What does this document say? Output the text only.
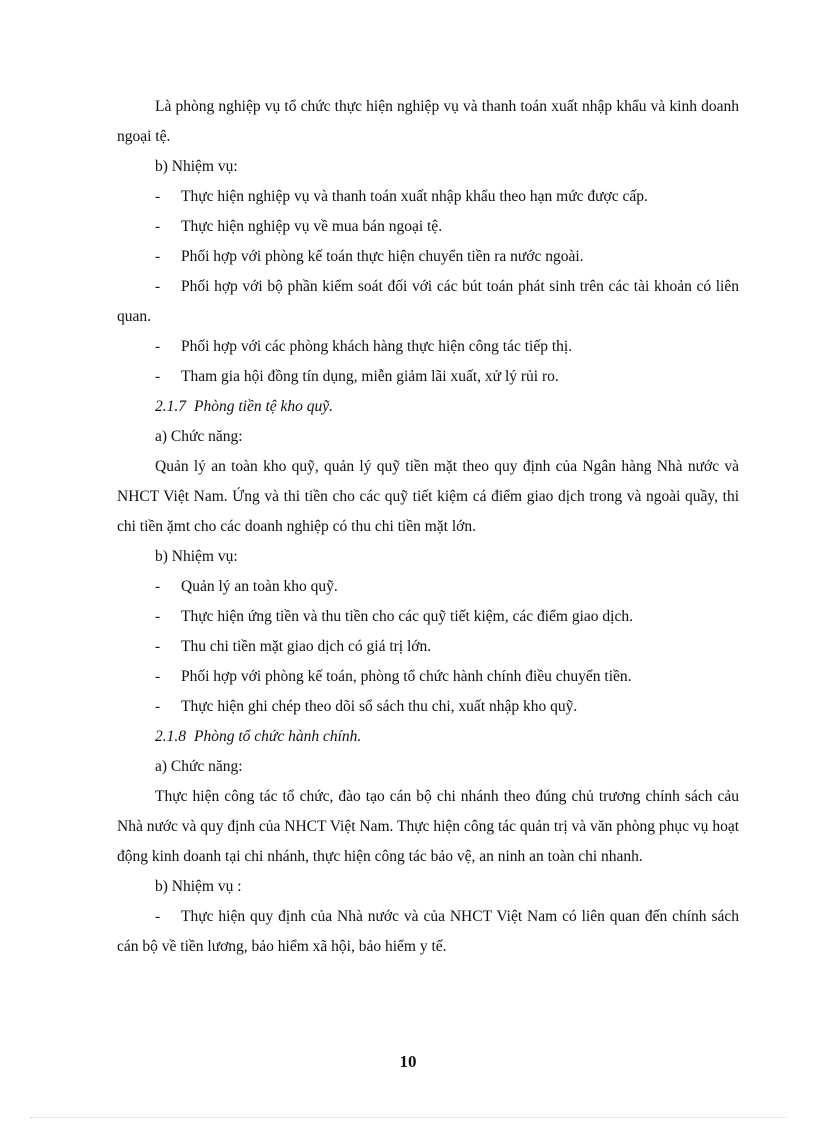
Là phòng nghiệp vụ tổ chức thực hiện nghiệp vụ và thanh toán xuất nhập khẩu và kinh doanh ngoại tệ.

b) Nhiệm vụ:

-	Thực hiện nghiệp vụ và thanh toán xuất nhập khẩu theo hạn mức được cấp.
-	Thực hiện nghiệp vụ về mua bán ngoại tệ.
-	Phối hợp với phòng kế toán thực hiện chuyển tiền ra nước ngoài.

- Phối hợp với bộ phần kiểm soát đối với các bút toán phát sinh trên các tài khoản có liên quan.

-	Phối hợp với các phòng khách hàng thực hiện công tác tiếp thị.
-	Tham gia hội đồng tín dụng, miễn giảm lãi xuất, xử lý rủi ro.

2.1.7 Phòng tiền tệ kho quỹ.

a) Chức năng:

Quản lý an toàn kho quỹ, quản lý quỹ tiền mặt theo quy định của Ngân hàng Nhà nước và NHCT Việt Nam. Ứng và thi tiền cho các quỹ tiết kiệm cá điểm giao dịch trong và ngoài quầy, thi chi tiền ặmt cho các doanh nghiệp có thu chi tiền mặt lớn.

b) Nhiệm vụ:

-	Quản lý an toàn kho quỹ.
-	Thực hiện ứng tiền và thu tiền cho các quỹ tiết kiệm, các điểm giao dịch.
-	Thu chi tiền mặt giao dịch có giá trị lớn.
-	Phối hợp với phòng kế toán, phòng tổ chức hành chính điều chuyển tiền.
-	Thực hiện ghi chép theo dõi sổ sách thu chi, xuất nhập kho quỹ.

2.1.8 Phòng tổ chức hành chính.

a) Chức năng:

Thực hiện công tác tổ chức, đào tạo cán bộ chi nhánh theo đúng chủ trương chính sách cảu Nhà nước và quy định của NHCT Việt Nam. Thực hiện công tác quản trị và văn phòng phục vụ hoạt động kinh doanh tại chi nhánh, thực hiện công tác bảo vệ, an ninh an toàn chi nhanh.

b) Nhiệm vụ :

- Thực hiện quy định của Nhà nước và của NHCT Việt Nam có liên quan đến chính sách cán bộ về tiền lương, bảo hiểm xã hội, bảo hiểm y tế.

10
